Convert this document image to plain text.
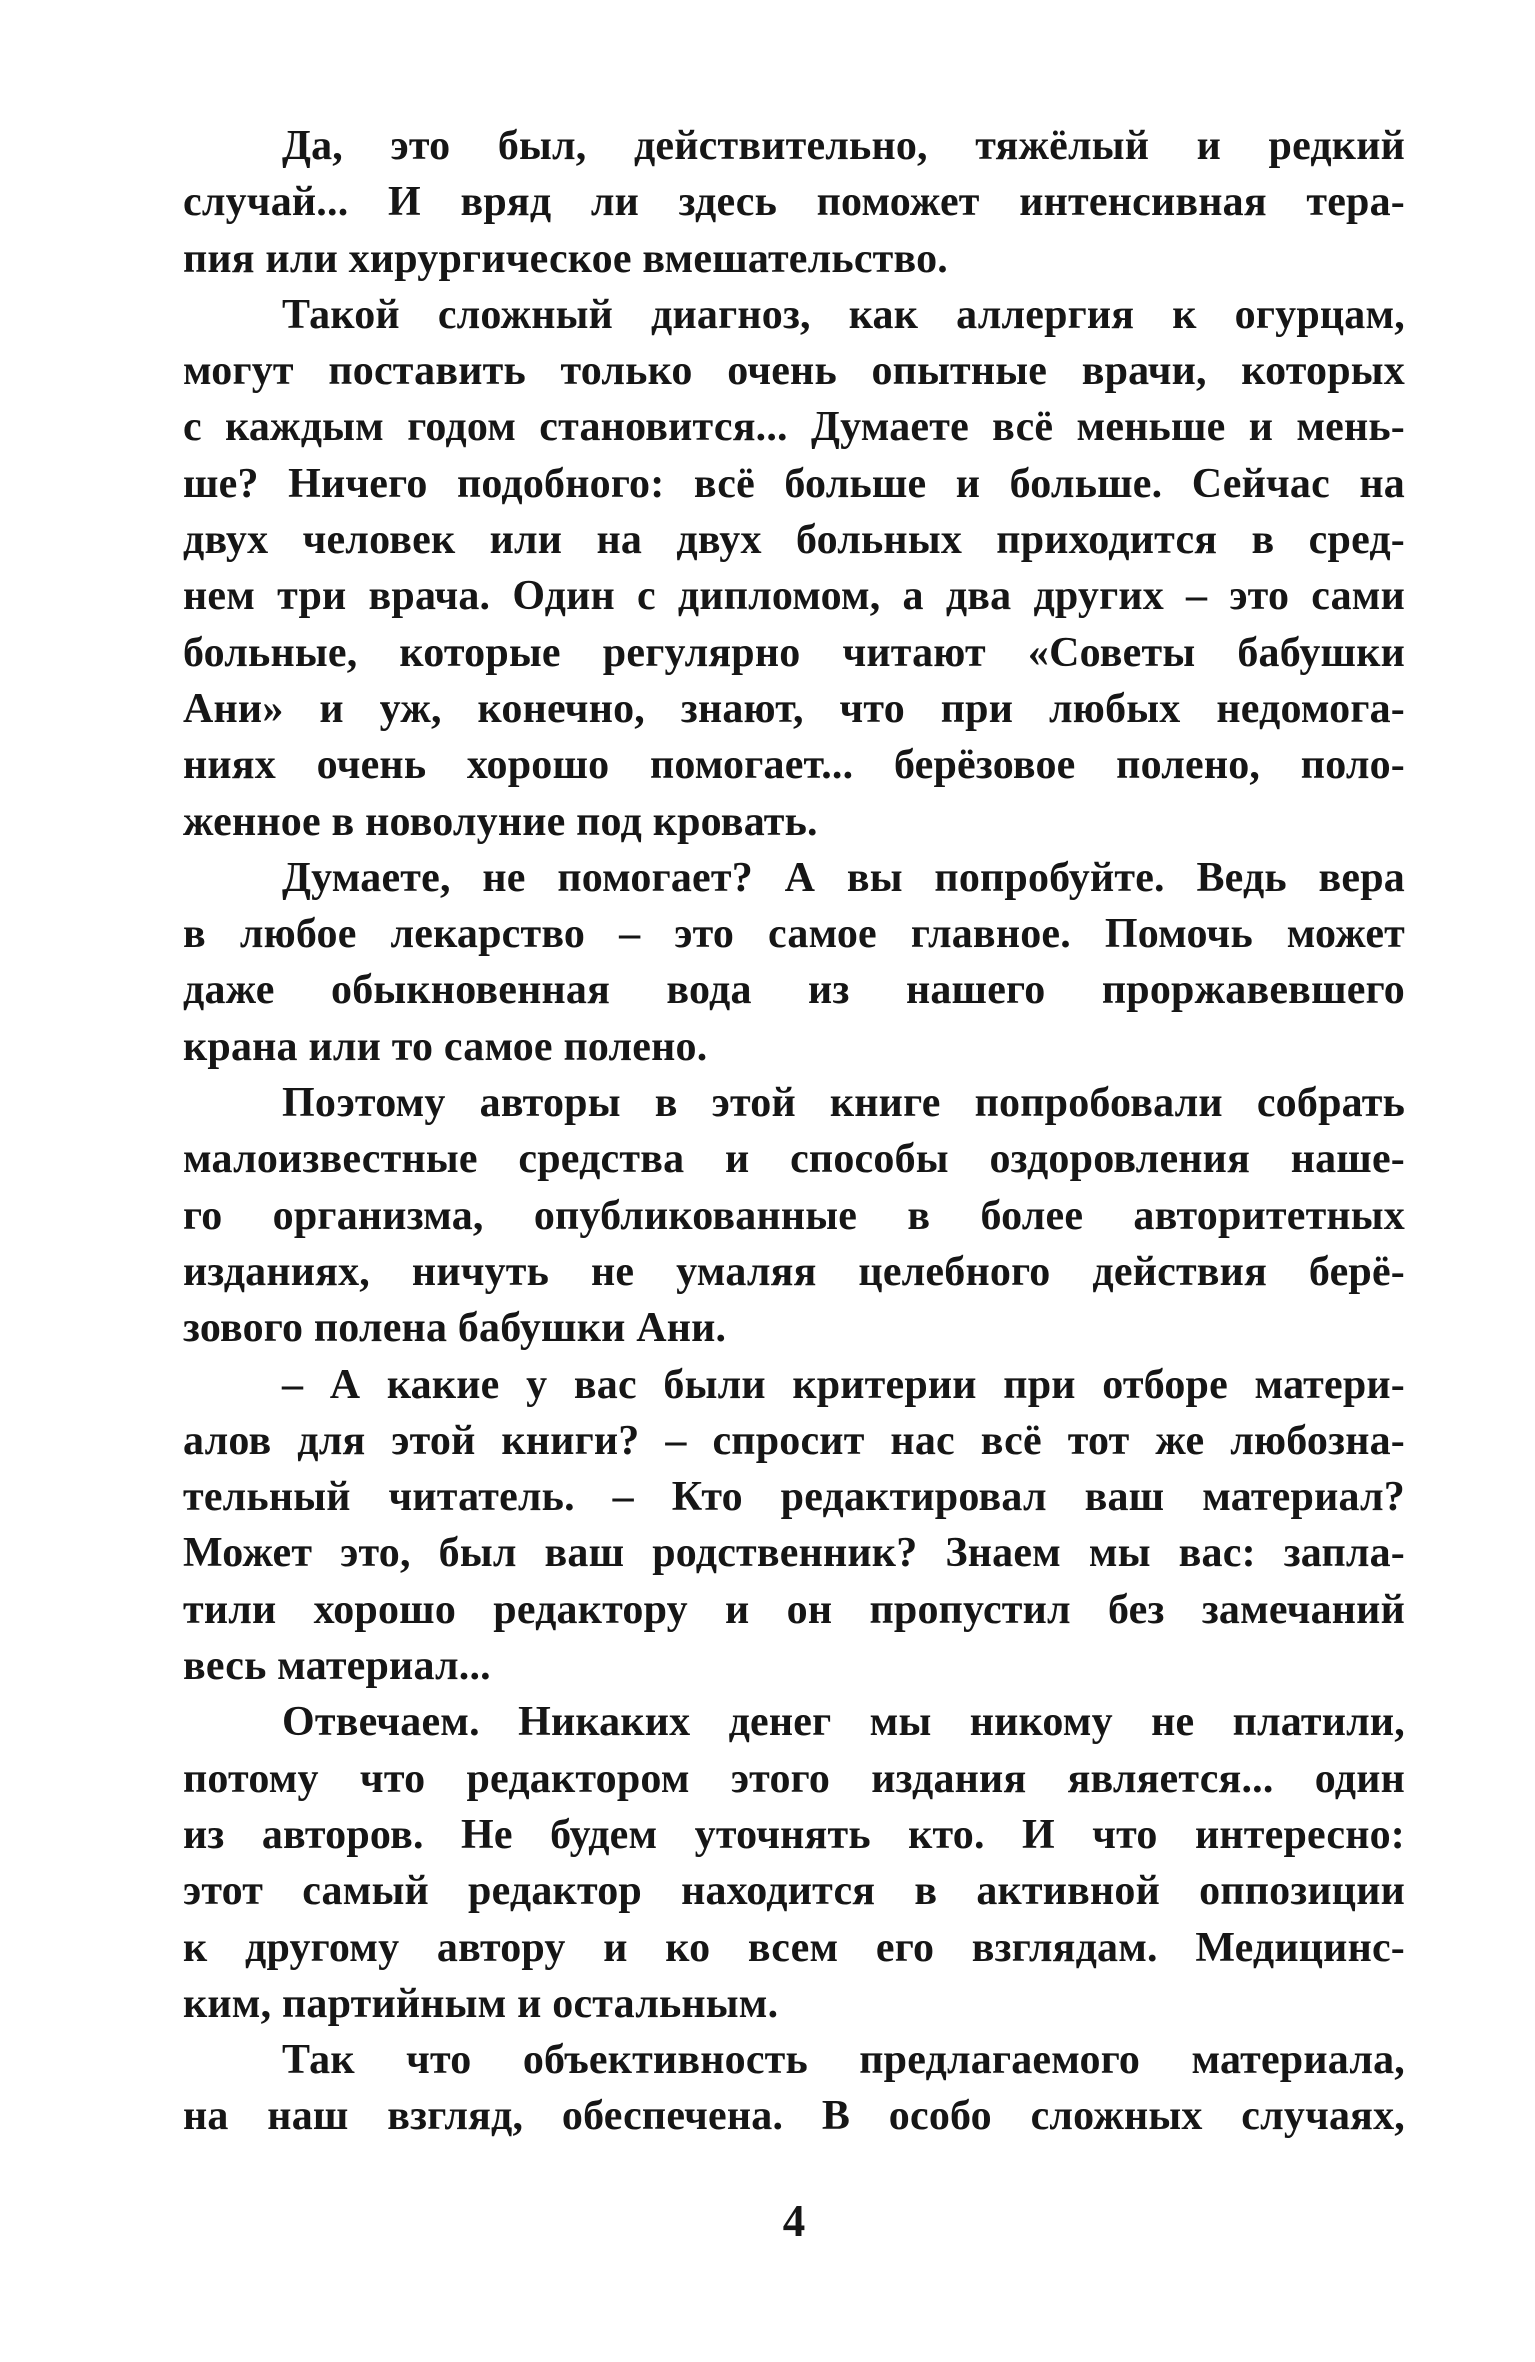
Да, это был, действительно, тяжёлый и редкий
случай... И вряд ли здесь поможет интенсивная тера-
пия или хирургическое вмешательство.
Такой сложный диагноз, как аллергия к огурцам,
могут поставить только очень опытные врачи, которых
с каждым годом становится... Думаете всё меньше и мень-
ше? Ничего подобного: всё больше и больше. Сейчас на
двух человек или на двух больных приходится в сред-
нем три врача. Один с дипломом, а два других – это сами
больные, которые регулярно читают «Советы бабушки
Ани» и уж, конечно, знают, что при любых недомога-
ниях очень хорошо помогает... берёзовое полено, поло-
женное в новолуние под кровать.
Думаете, не помогает? А вы попробуйте. Ведь вера
в любое лекарство – это самое главное. Помочь может
даже обыкновенная вода из нашего проржавевшего
крана или то самое полено.
Поэтому авторы в этой книге попробовали собрать
малоизвестные средства и способы оздоровления наше-
го организма, опубликованные в более авторитетных
изданиях, ничуть не умаляя целебного действия берё-
зового полена бабушки Ани.
– А какие у вас были критерии при отборе матери-
алов для этой книги? – спросит нас всё тот же любозна-
тельный читатель. – Кто редактировал ваш материал?
Может это, был ваш родственник? Знаем мы вас: запла-
тили хорошо редактору и он пропустил без замечаний
весь материал...
Отвечаем. Никаких денег мы никому не платили,
потому что редактором этого издания является... один
из авторов. Не будем уточнять кто. И что интересно:
этот самый редактор находится в активной оппозиции
к другому автору и ко всем его взглядам. Медицинс-
ким, партийным и остальным.
Так что объективность предлагаемого материала,
на наш взгляд, обеспечена. В особо сложных случаях,
4
